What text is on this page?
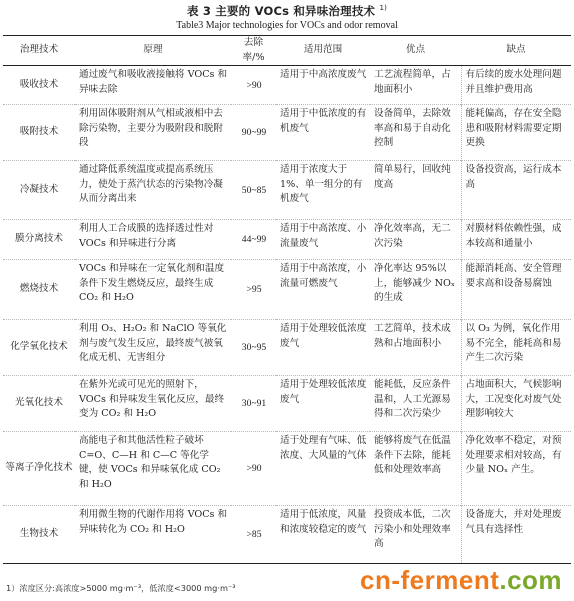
表 3 主要的 VOCs 和异味治理技术 $^{1)}$
Table3 Major technologies for VOCs and odor removal
治理技术	原理	去除率/%	适用范围	优点	缺点
吸收技术	通过废气和吸收液接触将 VOCs 和异味去除	>90	适用于中高浓度废气	工艺流程简单，占地面积小	有后续的废水处理问题并且维护费用高
吸附技术	利用固体吸附剂从气相或液相中去除污染物，主要分为吸附段和脱附段	90~99	适用于中低浓度的有机废气	设备简单，去除效率高和易于自动化控制	能耗偏高，存在安全隐患和吸附材料需要定期更换
冷凝技术	通过降低系统温度或提高系统压力，使处于蒸汽状态的污染物冷凝从而分离出来	50~85	适用于浓度大于1%、单一组分的有机废气	简单易行，回收纯度高	设备投资高，运行成本高
膜分离技术	利用人工合成膜的选择透过性对 VOCs 和异味进行分离	44~99	适用于中高浓度、小流量废气	净化效率高，无二次污染	对膜材料依赖性强，成本较高和通量小
燃烧技术	VOCs 和异味在一定氧化剂和温度条件下发生燃烧反应，最终生成 CO₂ 和 H₂O	>95	适用于中高浓度，小流量可燃废气	净化率达 95%以上，能够减少 NOₓ 的生成	能源消耗高、安全管理要求高和设备易腐蚀
化学氧化技术	利用 O₃、H₂O₂ 和 NaClO 等氧化剂与废气发生反应，最终废气被氧化成无机、无害组分	30~95	适用于处理较低浓度废气	工艺简单，技术成熟和占地面积小	以 O₃ 为例，氧化作用易不完全，能耗高和易产生二次污染
光氧化技术	在紫外光或可见光的照射下，VOCs 和异味发生氧化反应，最终变为 CO₂ 和 H₂O	30~91	适用于处理较低浓度废气	能耗低，反应条件温和，人工光源易得和二次污染少	占地面积大，气候影响大，工况变化对废气处理影响较大
等离子净化技术	高能电子和其他活性粒子破坏 C=O、C—H 和 C—C 等化学键，使 VOCs 和异味氧化成 CO₂ 和 H₂O	>90	适于处理有气味、低浓度、大风量的气体	能够将废气在低温条件下去除，能耗低和处理效率高	净化效率不稳定，对预处理要求相对较高，有少量 NOₓ 产生。
生物技术	利用微生物的代谢作用将 VOCs 和异味转化为 CO₂ 和 H₂O	>85	适用于低浓度，风量和浓度较稳定的废气	投资成本低，二次污染小和处理效率高	设备庞大，并对处理废气具有选择性
1）浓度区分:高浓度>5000 mg·m⁻³，低浓度<3000 mg·m⁻³	cn-ferment.com
